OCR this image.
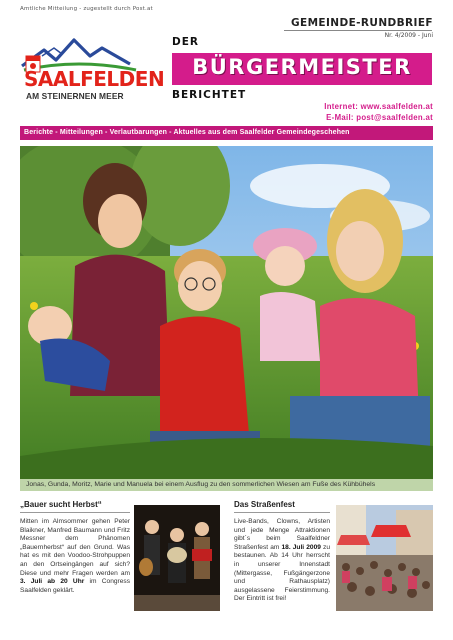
Amtliche Mitteilung - zugestellt durch Post.at
SAALFELDEN
AM STEINERNEN MEER
DER
BÜRGERMEISTER
BERICHTET
GEMEINDE-RUNDBRIEF
Nr. 4/2009 - Juni
Internet: www.saalfelden.at
E-Mail: post@saalfelden.at
Berichte - Mitteilungen - Verlautbarungen - Aktuelles aus dem Saalfelder Gemeindegeschehen
Jonas, Gunda, Moritz, Marie und Manuela bei einem Ausflug zu den sommerlichen Wiesen am Fuße des Kühbühels
„Bauer sucht Herbst“
Mitten im Almsommer gehen Peter Blaikner, Manfred Baumann und Fritz Messner dem Phänomen „Bauernherbst“ auf den Grund. Was hat es mit den Voodoo-Strohpuppen an den Ortseingängen auf sich? Diese und mehr Fragen werden am 3. Juli ab 20 Uhr im Congress Saalfelden geklärt.
Das Straßenfest
Live-Bands, Clowns, Artisten und jede Menge Attraktionen gibt´s beim Saalfeldner Straßenfest am 18. Juli 2009 zu bestaunen. Ab 14 Uhr herrscht in unserer Innenstadt (Mittergasse, Fußgängerzone und Rathausplatz) ausgelassene Feierstimmung. Der Eintritt ist frei!
